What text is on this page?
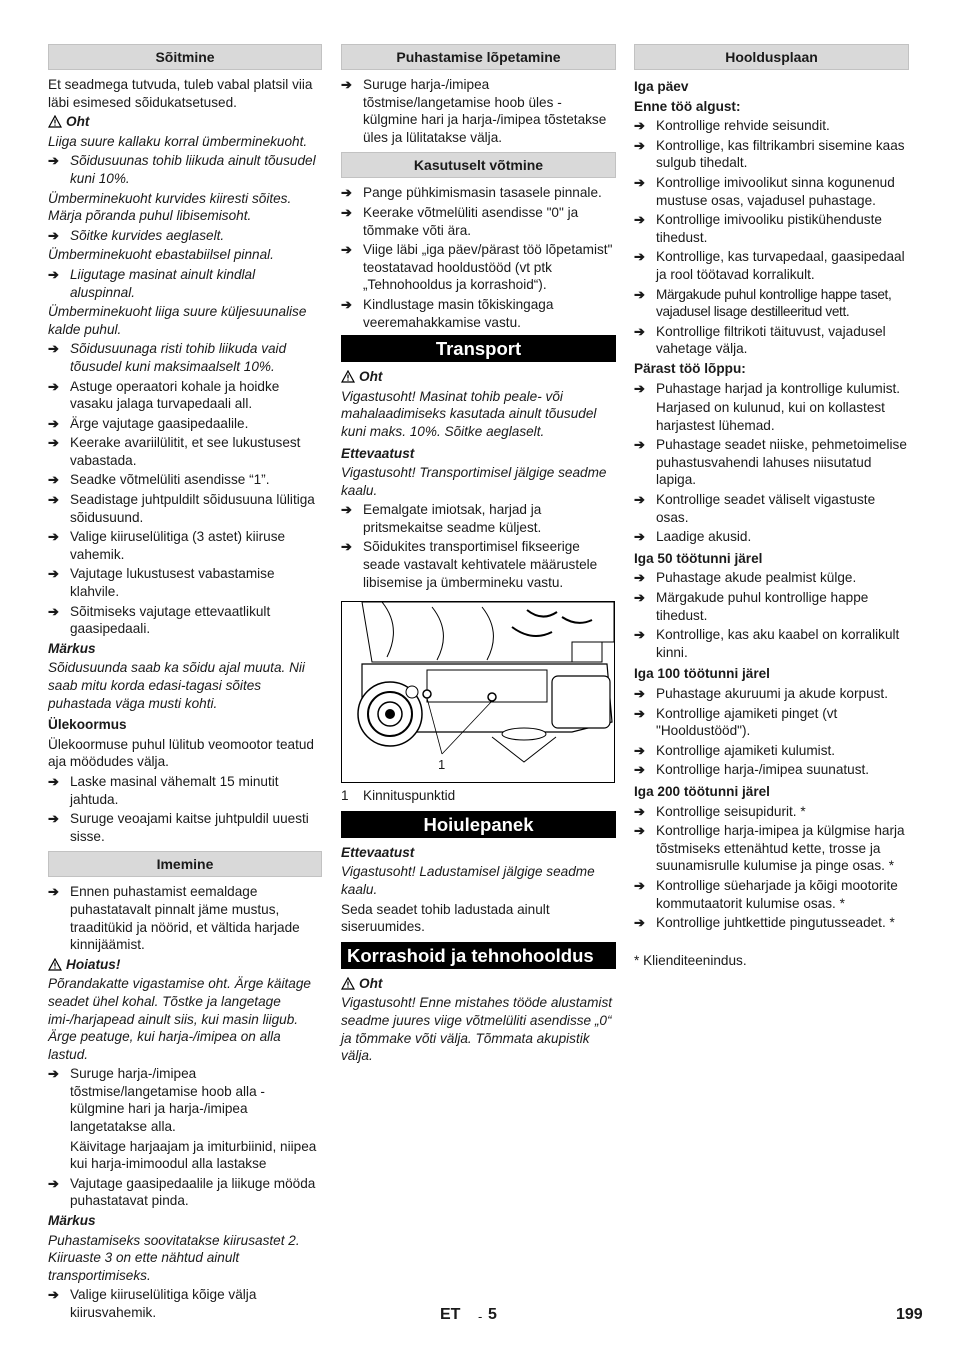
Sõitmine

Et seadmega tutvuda, tuleb vabal platsil viia läbi esimesed sõidukatsetused.

Oht

Liiga suure kallaku korral ümberminekuoht.

➔ Sõidusuunas tohib liikuda ainult tõusudel kuni 10%.

Ümberminekuoht kurvides kiiresti sõites. Märja põranda puhul libisemisoht.

➔ Sõitke kurvides aeglaselt.

Ümberminekuoht ebastabiilsel pinnal.

➔ Liigutage masinat ainult kindlal aluspinnal.

Ümberminekuoht liiga suure küljesuunalise kalde puhul.

➔ Sõidusuunaga risti tohib liikuda vaid tõusudel kuni maksimaalselt 10%.
➔ Astuge operaatori kohale ja hoidke vasaku jalaga turvapedaali all.
➔ Ärge vajutage gaasipedaalile.
➔ Keerake avariilülitit, et see lukustusest vabastada.
➔ Seadke võtmelüliti asendisse “1”.
➔ Seadistage juhtpuldilt sõidusuuna lülitiga sõidusuund.
➔ Valige kiiruselülitiga (3 astet) kiiruse vahemik.
➔ Vajutage lukustusest vabastamise klahvile.
➔ Sõitmiseks vajutage ettevaatlikult gaasipedaali.

Märkus

Sõidusuunda saab ka sõidu ajal muuta. Nii saab mitu korda edasi-tagasi sõites puhastada väga musti kohti.

Ülekoormus

Ülekoormuse puhul lülitub veomootor teatud aja möödudes välja.

➔ Laske masinal vähemalt 15 minutit jahtuda.
➔ Suruge veoajami kaitse juhtpuldil uuesti sisse.
Imemine
➔ Ennen puhastamist eemaldage puhastatavalt pinnalt jäme mustus, traaditükid ja nöörid, et vältida harjade kinnijäämist.
Hoiatus!

Põrandakatte vigastamise oht. Ärge käitage seadet ühel kohal. Tõstke ja langetage imi-/harjapead ainult siis, kui masin liigub. Ärge peatuge, kui harja-/imipea on alla lastud.

➔ Suruge harja-/imipea tõstmise/langetamise hoob alla - külgmine hari ja harja-/imipea langetatakse alla.

Käivitage harjaajam ja imiturbiinid, niipea kui harja-imimoodul alla lastakse

➔ Vajutage gaasipedaalile ja liikuge mööda puhastatavat pinda.

Märkus

Puhastamiseks soovitatakse kiirusastet 2. Kiiruaste 3 on ette nähtud ainult transportimiseks.

➔ Valige kiiruselülitiga kõige välja kiirusvahemik.
Puhastamise lõpetamine
➔ Suruge harja-/imipea tõstmise/langetamise hoob üles - külgmine hari ja harja-/imipea tõstetakse üles ja lülitatakse välja.
Kasutuselt võtmine
➔ Pange pühkimismasin tasasele pinnale.
➔ Keerake võtmelüliti asendisse "0" ja tõmmake võti ära.
➔ Viige läbi „iga päev/pärast töö lõpetamist" teostatavad hooldustööd (vt ptk „Tehnohooldus ja korrashoid“).
➔ Kindlustage masin tõkiskingaga veeremahakkamise vastu.
Transport
Oht

Vigastusoht! Masinat tohib peale- või mahalaadimiseks kasutada ainult tõusudel kuni maks. 10%. Sõitke aeglaselt.

Ettevaatust

Vigastusoht! Transportimisel jälgige seadme kaalu.

➔ Eemalgate imiotsak, harjad ja pritsmekaitse seadme küljest.
➔ Sõidukites transportimisel fikseerige seade vastavalt kehtivatele määrustele libisemise ja ümbermineku vastu.
1
1	Kinnituspunktid
Hoiulepanek

Ettevaatust

Vigastusoht! Ladustamisel jälgige seadme kaalu.

Seda seadet tohib ladustada ainult siseruumides.

Korrashoid ja tehnohooldus
Oht

Vigastusoht! Enne mistahes tööde alustamist seadme juures viige võtmelüliti asendisse „0“ ja tõmmake võti välja. Tõmmata akupistik välja.

Hooldusplaan

Iga päev

Enne töö algust:

➔ Kontrollige rehvide seisundit.
➔ Kontrollige, kas filtrikambri sisemine kaas sulgub tihedalt.
➔ Kontrollige imivoolikut sinna kogunenud mustuse osas, vajadusel puhastage.
➔ Kontrollige imivooliku pistikühenduste tihedust.
➔ Kontrollige, kas turvapedaal, gaasipedaal ja rool töötavad korralikult.
➔ Märgakude puhul kontrollige happe taset, vajadusel lisage destilleeritud vett.
➔ Kontrollige filtrikoti täituvust, vajadusel vahetage välja.

Pärast töö lõppu:

➔ Puhastage harjad ja kontrollige kulumist.

Harjased on kulunud, kui on kollastest harjastest lühemad.

➔ Puhastage seadet niiske, pehmetoimelise puhastusvahendi lahuses niisutatud lapiga.
➔ Kontrollige seadet väliselt vigastuste osas.
➔ Laadige akusid.

Iga 50 töötunni järel

➔ Puhastage akude pealmist külge.
➔ Märgakude puhul kontrollige happe tihedust.
➔ Kontrollige, kas aku kaabel on korralikult kinni.

Iga 100 töötunni järel

➔ Puhastage akuruumi ja akude korpust.
➔ Kontrollige ajamiketi pinget (vt "Hooldustööd").
➔ Kontrollige ajamiketi kulumist.
➔ Kontrollige harja-/imipea suunatust.

Iga 200 töötunni järel

➔ Kontrollige seisupidurit. *
➔ Kontrollige harja-imipea ja külgmise harja tõstmiseks ettenähtud kette, trosse ja suunamisrulle kulumise ja pinge osas. *
➔ Kontrollige süeharjade ja kõigi mootorite kommutaatorit kulumise osas. *
➔ Kontrollige juhtkettide pingutusseadet. *

* Klienditeenindus.

ET - 5	199
